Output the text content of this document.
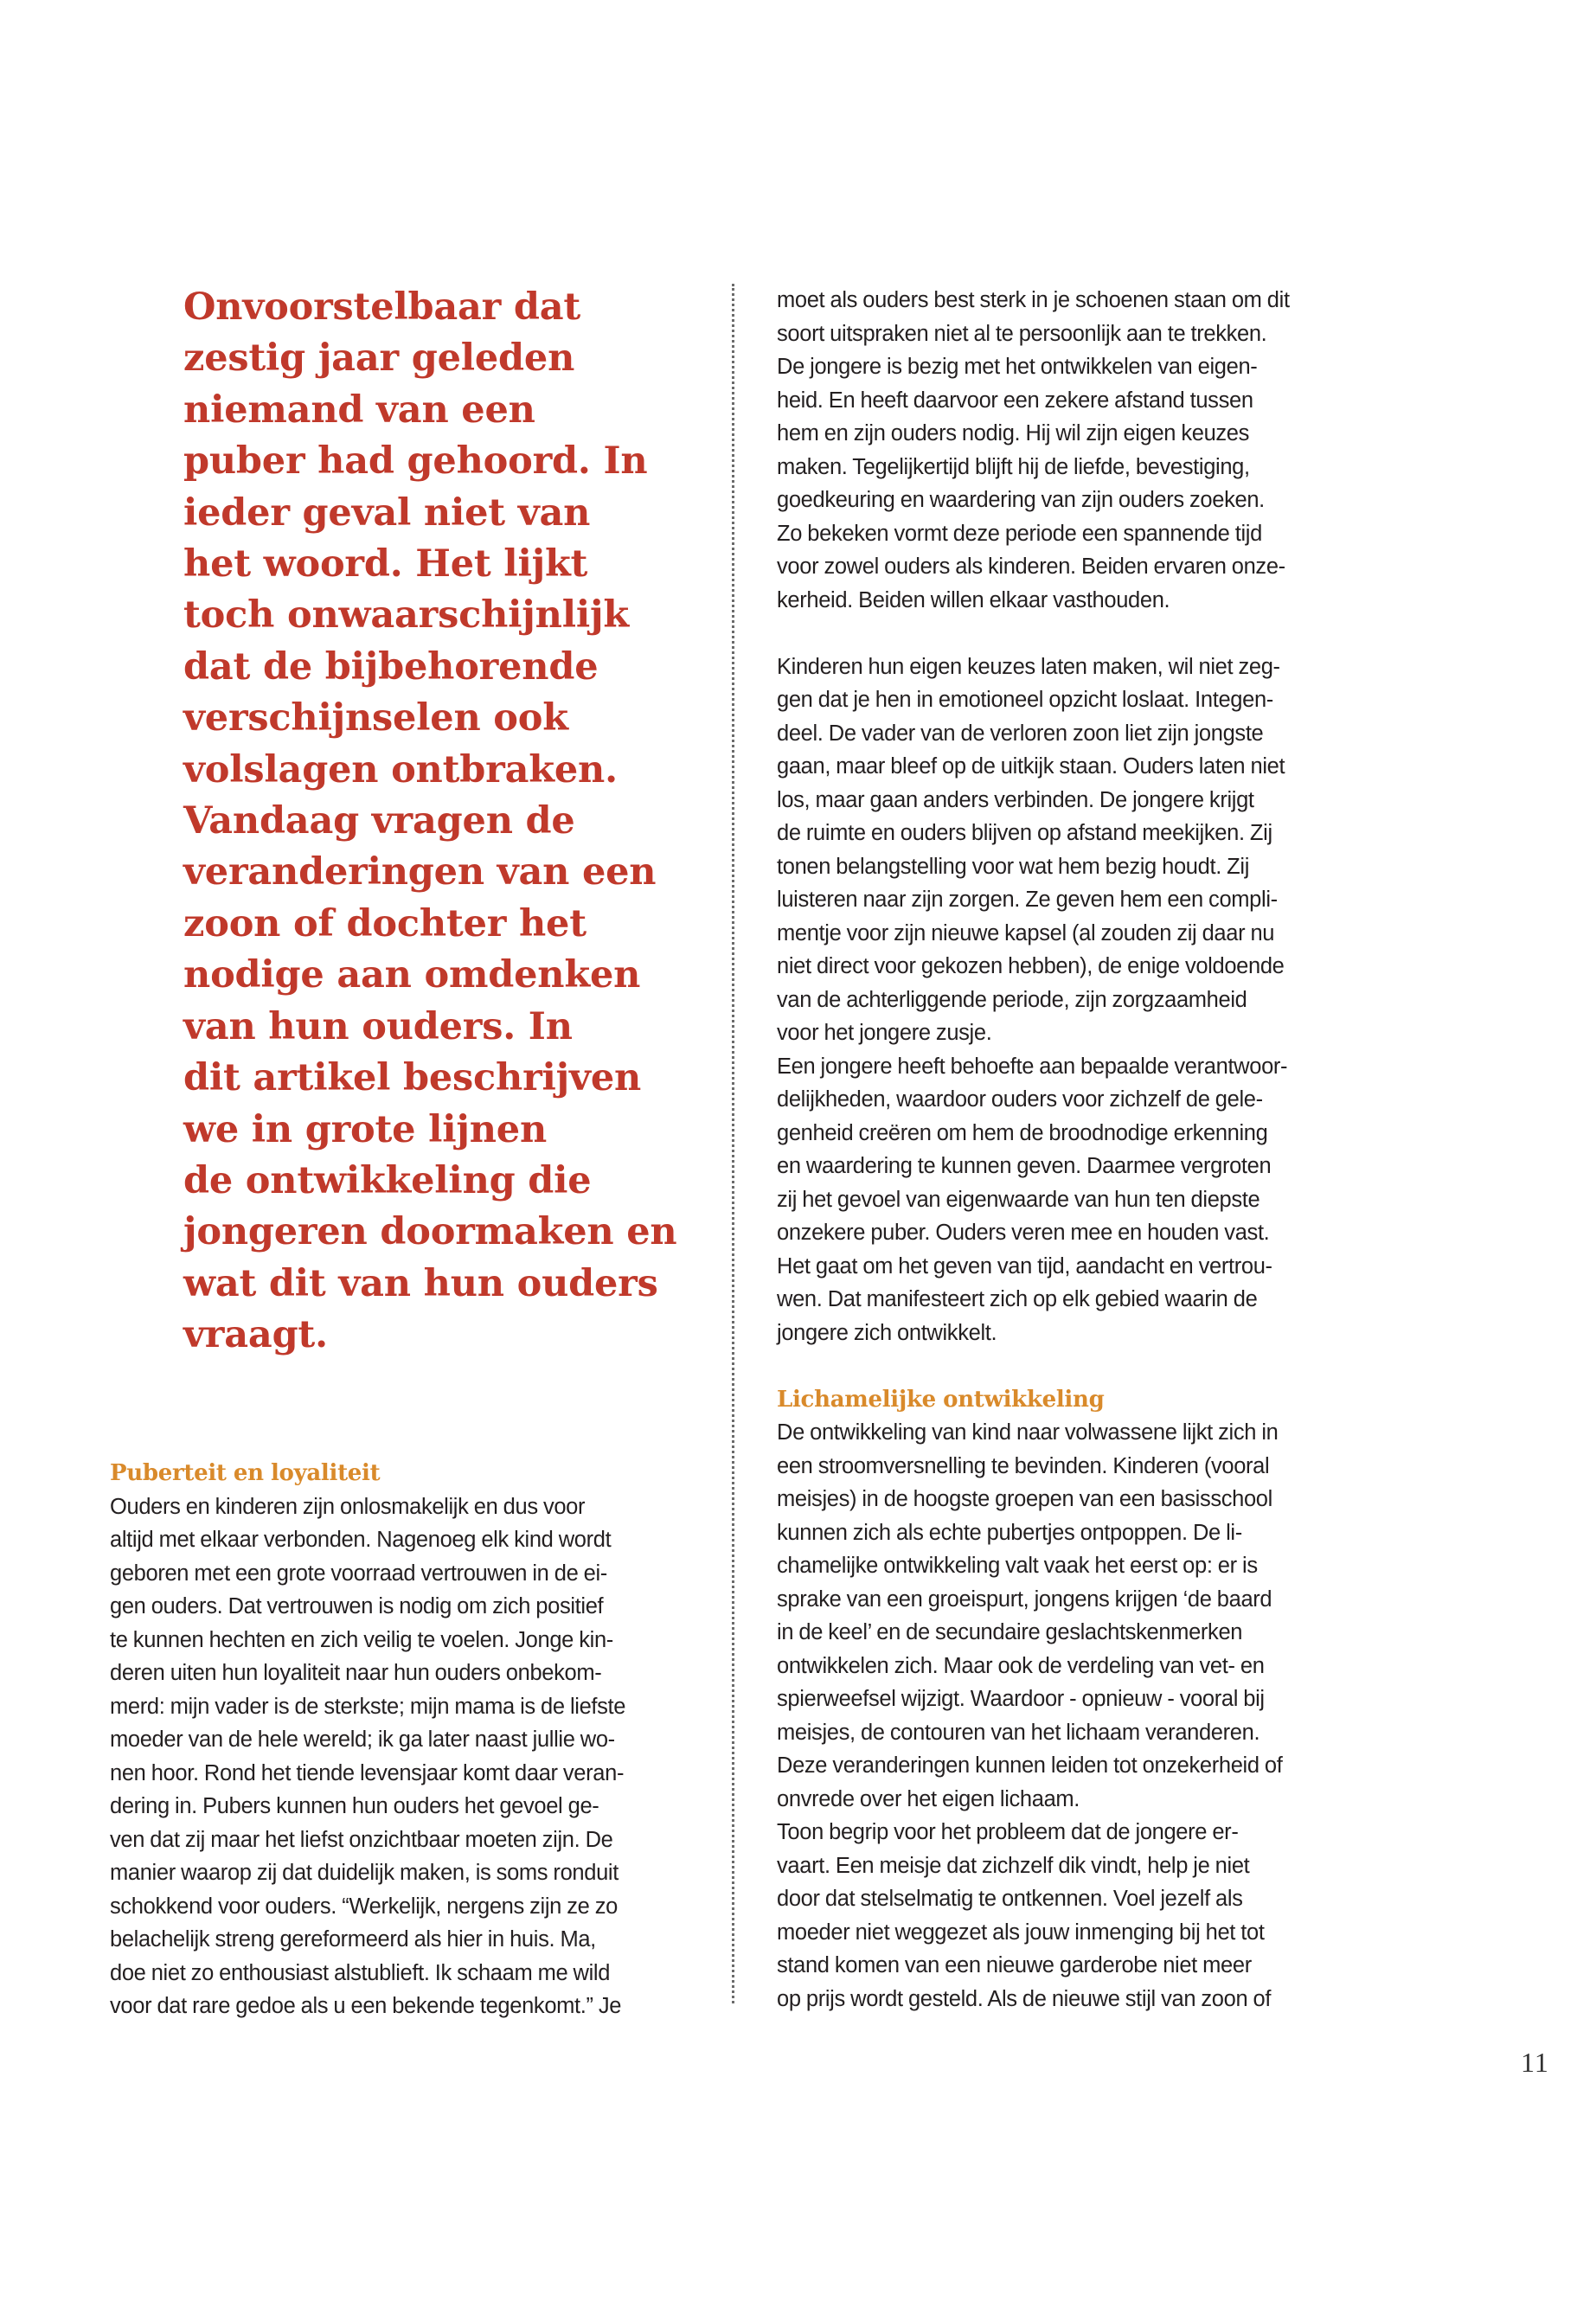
Onvoorstelbaar dat
zestig jaar geleden
niemand van een
puber had gehoord. In
ieder geval niet van
het woord. Het lijkt
toch onwaarschijnlijk
dat de bijbehorende
verschijnselen ook
volslagen ontbraken.
Vandaag vragen de
veranderingen van een
zoon of dochter het
nodige aan omdenken
van hun ouders. In
dit artikel beschrijven
we in grote lijnen
de ontwikkeling die
jongeren doormaken en
wat dit van hun ouders
vraagt.

Puberteit en loyaliteit
Ouders en kinderen zijn onlosmakelijk en dus voor
altijd met elkaar verbonden. Nagenoeg elk kind wordt
geboren met een grote voorraad vertrouwen in de ei-
gen ouders. Dat vertrouwen is nodig om zich positief
te kunnen hechten en zich veilig te voelen. Jonge kin-
deren uiten hun loyaliteit naar hun ouders onbekom-
merd: mijn vader is de sterkste; mijn mama is de liefste
moeder van de hele wereld; ik ga later naast jullie wo-
nen hoor. Rond het tiende levensjaar komt daar veran-
dering in. Pubers kunnen hun ouders het gevoel ge-
ven dat zij maar het liefst onzichtbaar moeten zijn. De
manier waarop zij dat duidelijk maken, is soms ronduit
schokkend voor ouders. “Werkelijk, nergens zijn ze zo
belachelijk streng gereformeerd als hier in huis. Ma,
doe niet zo enthousiast alstublieft. Ik schaam me wild
voor dat rare gedoe als u een bekende tegenkomt.” Je
moet als ouders best sterk in je schoenen staan om dit
soort uitspraken niet al te persoonlijk aan te trekken.
De jongere is bezig met het ontwikkelen van eigen-
heid. En heeft daarvoor een zekere afstand tussen
hem en zijn ouders nodig. Hij wil zijn eigen keuzes
maken. Tegelijkertijd blijft hij de liefde, bevestiging,
goedkeuring en waardering van zijn ouders zoeken.
Zo bekeken vormt deze periode een spannende tijd
voor zowel ouders als kinderen. Beiden ervaren onze-
kerheid. Beiden willen elkaar vasthouden.
Kinderen hun eigen keuzes laten maken, wil niet zeg-
gen dat je hen in emotioneel opzicht loslaat. Integen-
deel. De vader van de verloren zoon liet zijn jongste
gaan, maar bleef op de uitkijk staan. Ouders laten niet
los, maar gaan anders verbinden. De jongere krijgt
de ruimte en ouders blijven op afstand meekijken. Zij
tonen belangstelling voor wat hem bezig houdt. Zij
luisteren naar zijn zorgen. Ze geven hem een compli-
mentje voor zijn nieuwe kapsel (al zouden zij daar nu
niet direct voor gekozen hebben), de enige voldoende
van de achterliggende periode, zijn zorgzaamheid
voor het jongere zusje.
Een jongere heeft behoefte aan bepaalde verantwoor-
delijkheden, waardoor ouders voor zichzelf de gele-
genheid creëren om hem de broodnodige erkenning
en waardering te kunnen geven. Daarmee vergroten
zij het gevoel van eigenwaarde van hun ten diepste
onzekere puber. Ouders veren mee en houden vast.
Het gaat om het geven van tijd, aandacht en vertrou-
wen. Dat manifesteert zich op elk gebied waarin de
jongere zich ontwikkelt.
Lichamelijke ontwikkeling
De ontwikkeling van kind naar volwassene lijkt zich in
een stroomversnelling te bevinden. Kinderen (vooral
meisjes) in de hoogste groepen van een basisschool
kunnen zich als echte pubertjes ontpoppen. De li-
chamelijke ontwikkeling valt vaak het eerst op: er is
sprake van een groeispurt, jongens krijgen ‘de baard
in de keel’ en de secundaire geslachtskenmerken
ontwikkelen zich. Maar ook de verdeling van vet- en
spierweefsel wijzigt. Waardoor - opnieuw - vooral bij
meisjes, de contouren van het lichaam veranderen.
Deze veranderingen kunnen leiden tot onzekerheid of
onvrede over het eigen lichaam.
Toon begrip voor het probleem dat de jongere er-
vaart. Een meisje dat zichzelf dik vindt, help je niet
door dat stelselmatig te ontkennen. Voel jezelf als
moeder niet weggezet als jouw inmenging bij het tot
stand komen van een nieuwe garderobe niet meer
op prijs wordt gesteld. Als de nieuwe stijl van zoon of
11
